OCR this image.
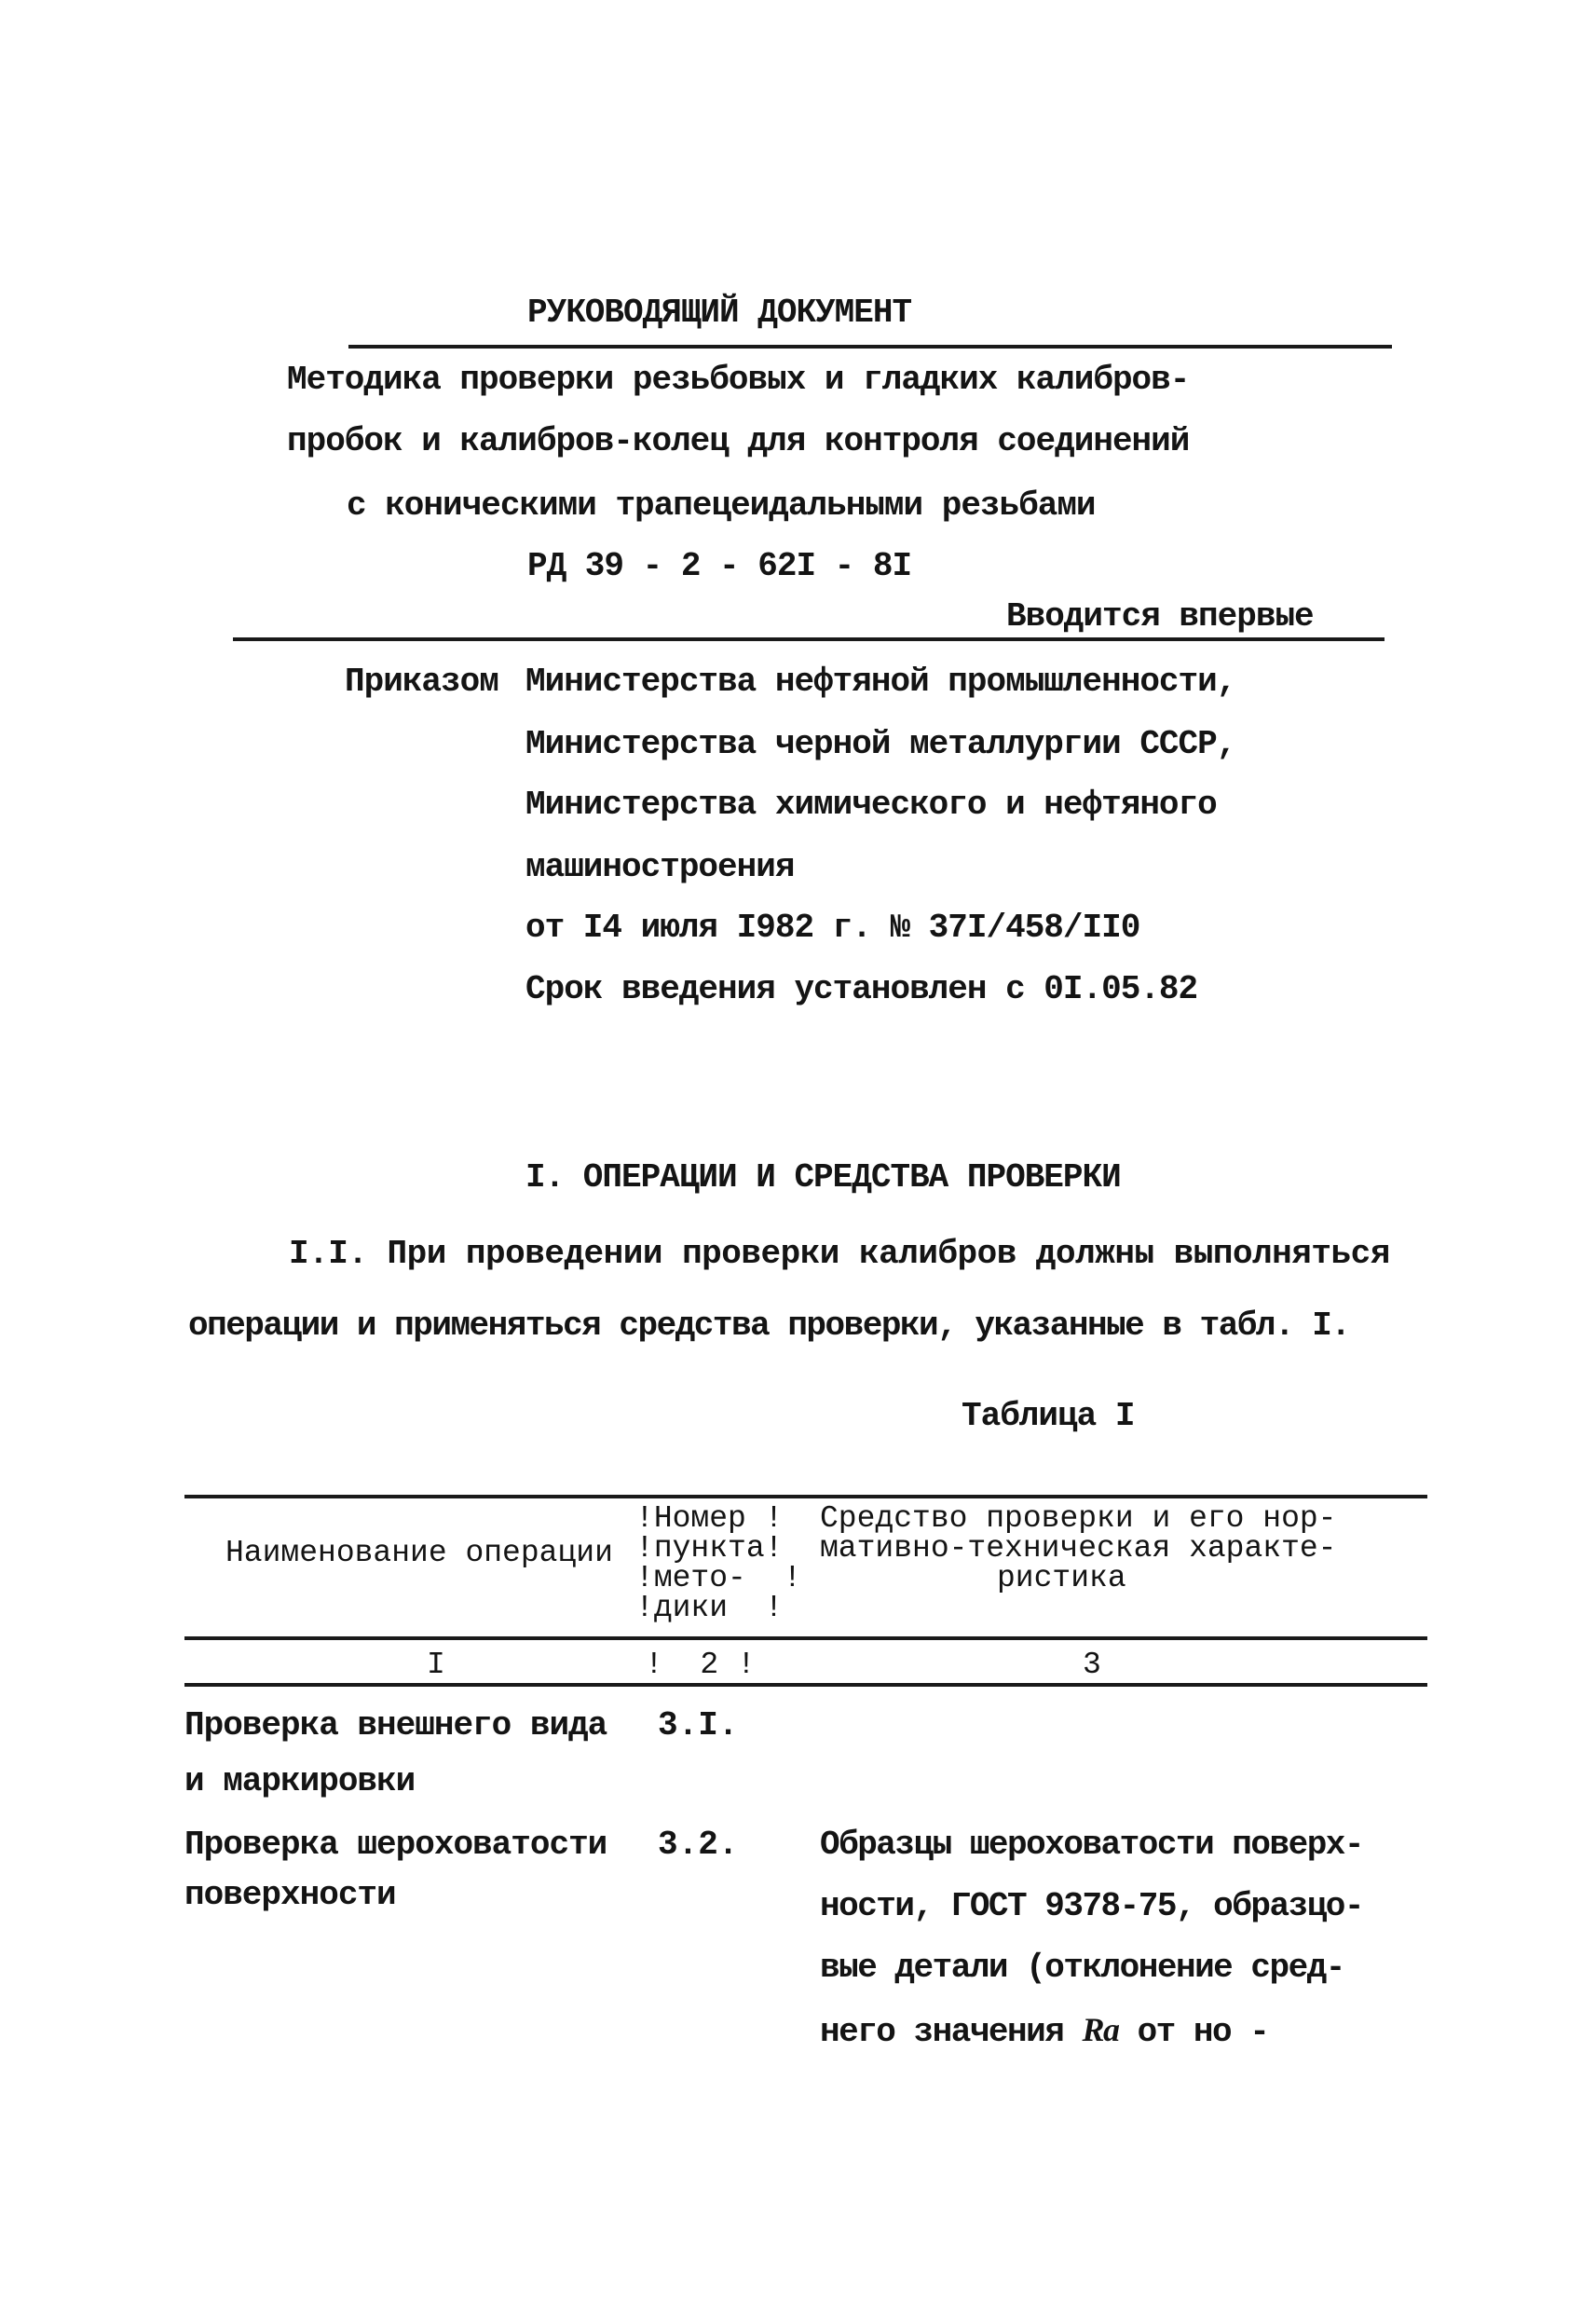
РУКОВОДЯЩИЙ ДОКУМЕНТ
Методика проверки резьбовых и гладких калибров-
пробок и калибров-колец для контроля соединений
с коническими трапецеидальными резьбами
РД 39 - 2 - 62I - 8I
Вводится впервые
Приказом Министерства нефтяной промышленности,
Министерства черной металлургии СССР,
Министерства химического и нефтяного
машиностроения
от I4 июля I982 г. № 37I/458/II0
Срок введения установлен с 0I.05.82
I. ОПЕРАЦИИ И СРЕДСТВА ПРОВЕРКИ
I.I. При проведении проверки калибров должны выполняться
операции и применяться средства проверки, указанные в табл. I.
Таблица I
Наименование операции
!Номер !
!пункта!
!мето-  !
!дики  !
Средство проверки и его нор-
мативно-техническая характе-
ристика
I	!  2 !	3
Проверка внешнего вида
и маркировки
3.I.
Проверка шероховатости
поверхности
3.2. Образцы шероховатости поверх-
ности, ГОСТ 9378-75, образцо-
вые детали (отклонение сред-
него значения Ra от но -
